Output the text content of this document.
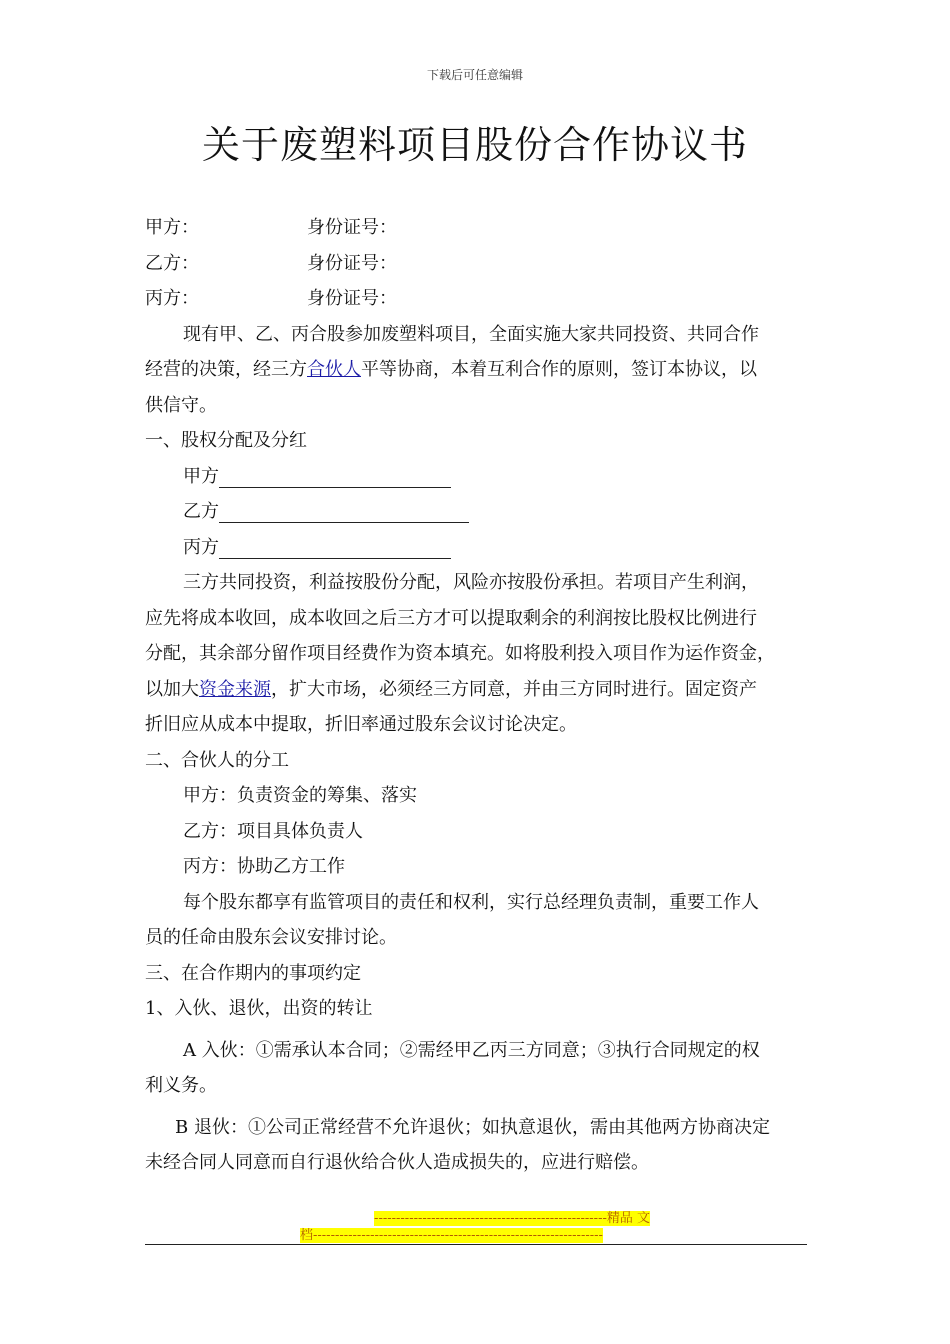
下载后可任意编辑
关于废塑料项目股份合作协议书
甲方：	身份证号：
乙方：	身份证号：
丙方：	身份证号：
现有甲、乙、丙合股参加废塑料项目，全面实施大家共同投资、共同合作
经营的决策，经三方合伙人平等协商，本着互利合作的原则，签订本协议，以
供信守。
一、股权分配及分红
甲方
乙方
丙方
三方共同投资，利益按股份分配，风险亦按股份承担。若项目产生利润，
应先将成本收回，成本收回之后三方才可以提取剩余的利润按比股权比例进行
分配，其余部分留作项目经费作为资本填充。如将股利投入项目作为运作资金，
以加大资金来源，扩大市场，必须经三方同意，并由三方同时进行。固定资产
折旧应从成本中提取，折旧率通过股东会议讨论决定。
二、合伙人的分工
甲方：负责资金的筹集、落实
乙方：项目具体负责人
丙方：协助乙方工作
每个股东都享有监管项目的责任和权利，实行总经理负责制，重要工作人
员的任命由股东会议安排讨论。
三、在合作期内的事项约定
1、入伙、退伙，出资的转让
A 入伙：①需承认本合同；②需经甲乙丙三方同意；③执行合同规定的权
利义务。
B 退伙：①公司正常经营不允许退伙；如执意退伙，需由其他两方协商决定
未经合同人同意而自行退伙给合伙人造成损失的，应进行赔偿。
-----------------------------------------------------精品 文
档------------------------------------------------------------------
